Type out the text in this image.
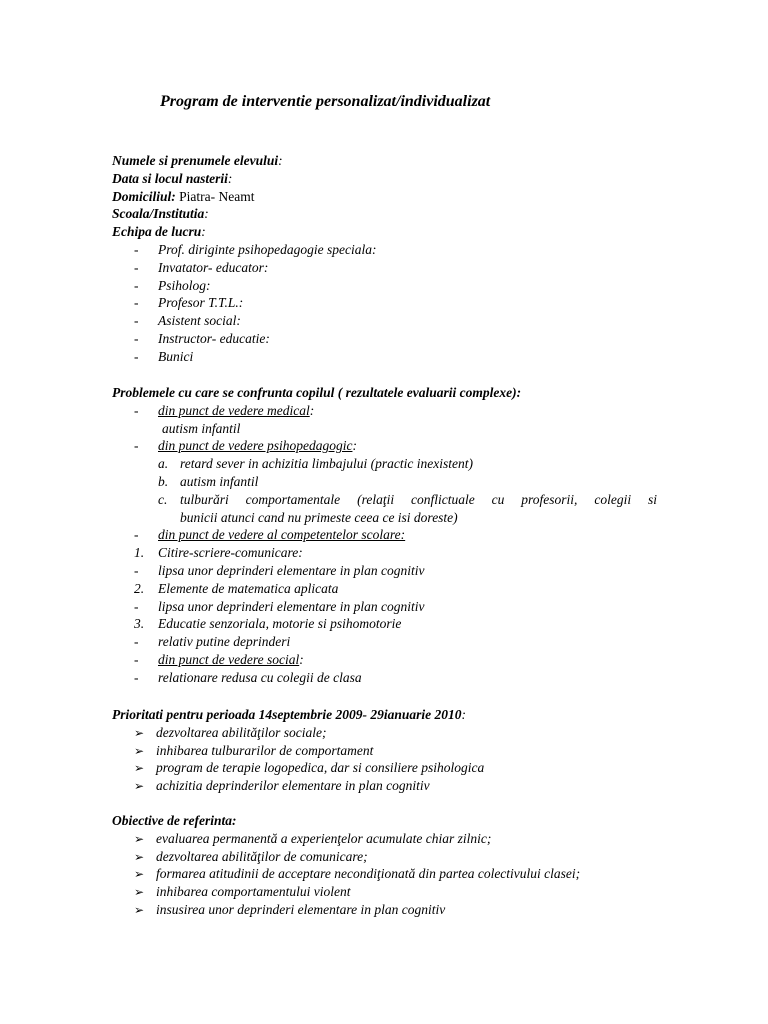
Program de interventie personalizat/individualizat
Numele si prenumele elevului:
Data si locul nasterii:
Domiciliul: Piatra- Neamt
Scoala/Institutia:
Echipa de lucru:
- Prof. diriginte psihopedagogie speciala:
- Invatator- educator:
- Psiholog:
- Profesor T.T.L.:
- Asistent social:
- Instructor- educatie:
- Bunici
Problemele cu care se confrunta copilul ( rezultatele evaluarii complexe):
- din punct de vedere medical:
autism infantil
- din punct de vedere psihopedagogic:
a. retard sever in achizitia limbajului (practic inexistent)
b. autism infantil
c. tulburări comportamentale (relaţii conflictuale cu profesorii, colegii si
bunicii atunci cand nu primeste ceea ce isi doreste)
- din punct de vedere al competentelor scolare:
1. Citire-scriere-comunicare:
- lipsa unor deprinderi elementare in plan cognitiv
2. Elemente de matematica aplicata
- lipsa unor deprinderi elementare in plan cognitiv
3. Educatie senzoriala, motorie si psihomotorie
- relativ putine deprinderi
- din punct de vedere social:
- relationare redusa cu colegii de clasa
Prioritati pentru perioada 14septembrie 2009- 29ianuarie 2010:
➢ dezvoltarea abilităţilor sociale;
➢ inhibarea tulburarilor de comportament
➢ program de terapie logopedica, dar si consiliere psihologica
➢ achizitia deprinderilor elementare in plan cognitiv
Obiective de referinta:
➢ evaluarea permanentă a experienţelor acumulate chiar zilnic;
➢ dezvoltarea abilităţilor de comunicare;
➢ formarea atitudinii de acceptare necondiţionată din partea colectivului clasei;
➢ inhibarea comportamentului violent
➢ insusirea unor deprinderi elementare in plan cognitiv
